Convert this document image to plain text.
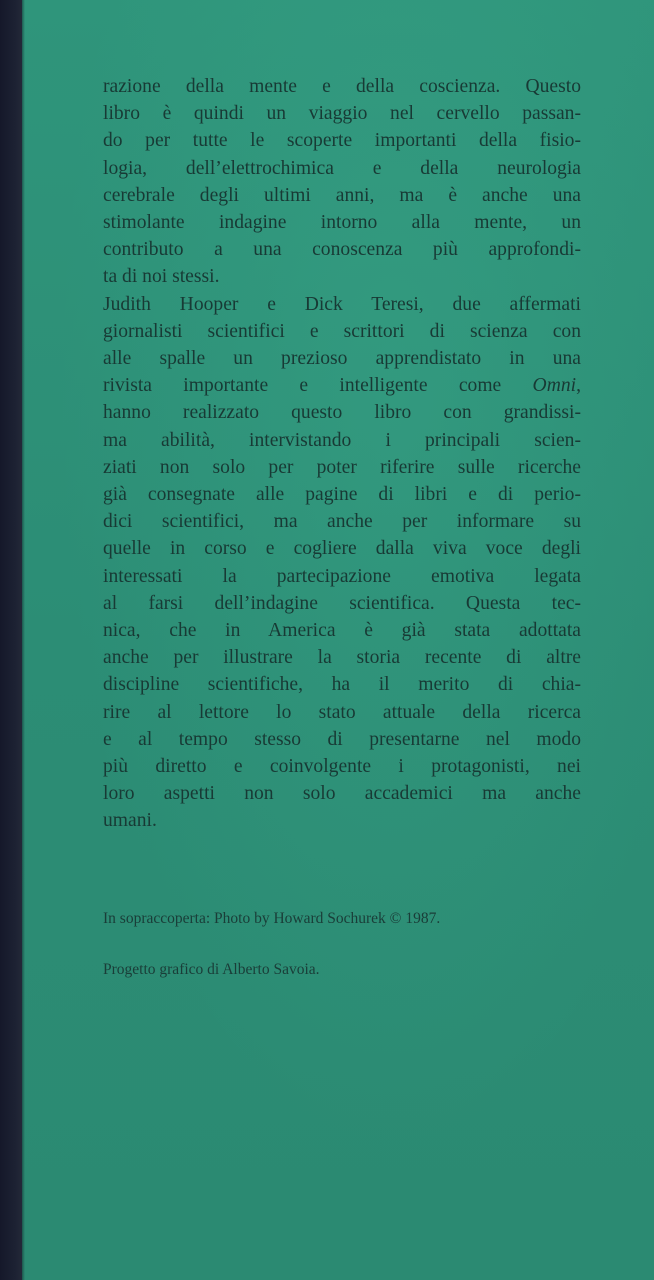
razione della mente e della coscienza. Questo
libro è quindi un viaggio nel cervello passan-
do per tutte le scoperte importanti della fisio-
logia, dell’elettrochimica e della neurologia
cerebrale degli ultimi anni, ma è anche una
stimolante indagine intorno alla mente, un
contributo a una conoscenza più approfondi-
ta di noi stessi.

Judith Hooper e Dick Teresi, due affermati
giornalisti scientifici e scrittori di scienza con
alle spalle un prezioso apprendistato in una
rivista importante e intelligente come Omni,
hanno realizzato questo libro con grandissi-
ma abilità, intervistando i principali scien-
ziati non solo per poter riferire sulle ricerche
già consegnate alle pagine di libri e di perio-
dici scientifici, ma anche per informare su
quelle in corso e cogliere dalla viva voce degli
interessati la partecipazione emotiva legata
al farsi dell’indagine scientifica. Questa tec-
nica, che in America è già stata adottata
anche per illustrare la storia recente di altre
discipline scientifiche, ha il merito di chia-
rire al lettore lo stato attuale della ricerca
e al tempo stesso di presentarne nel modo
più diretto e coinvolgente i protagonisti, nei
loro aspetti non solo accademici ma anche
umani.

In sopraccoperta: Photo by Howard Sochurek © 1987.
Progetto grafico di Alberto Savoia.
